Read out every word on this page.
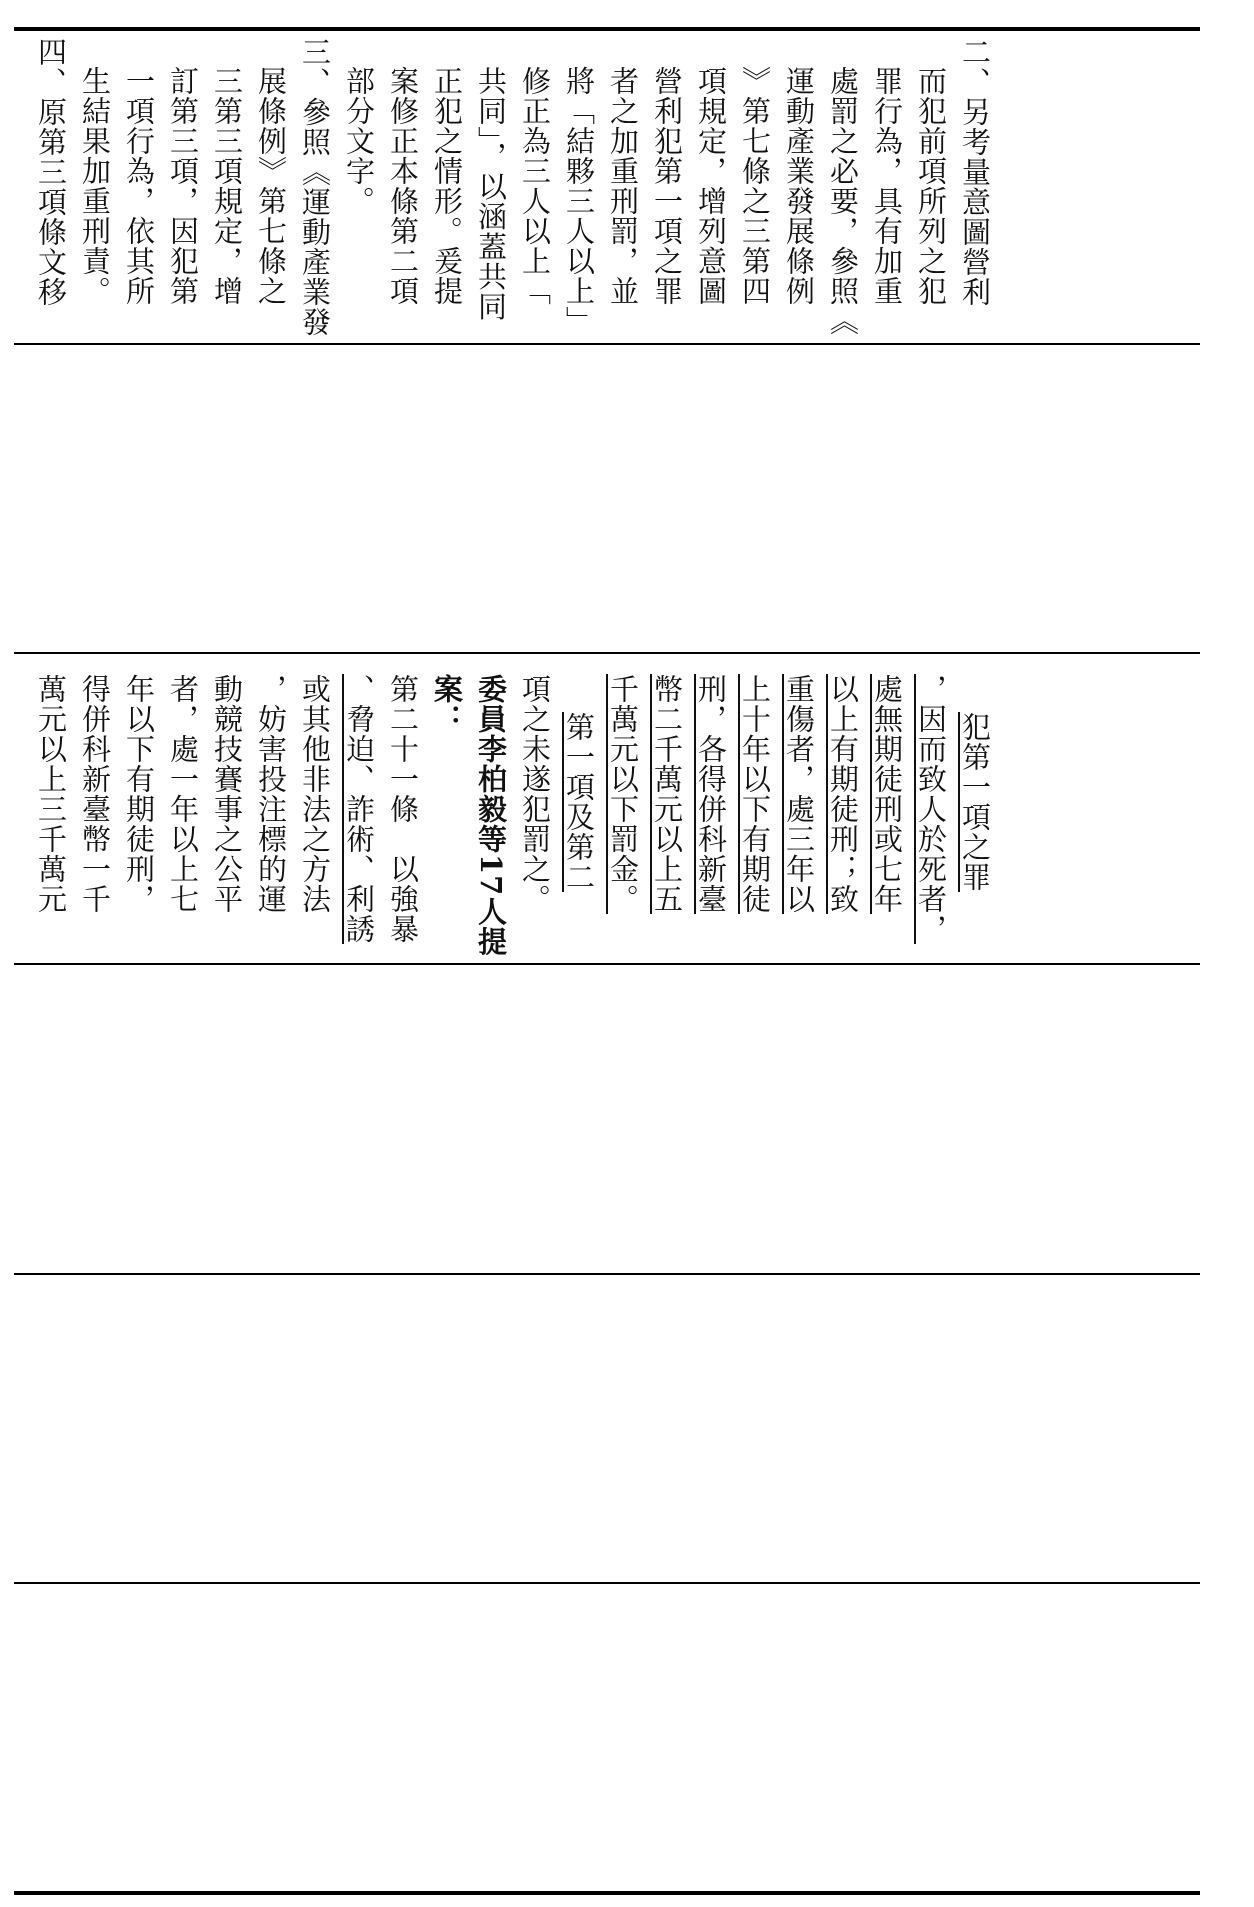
四、原第三項條文移 生結果加重刑責。 一項行為，依其所 訂第三項，因犯第 三第三項規定，增 展條例》第七條之 三、參照《運動產業發 部分文字。 案修正本條第二項 正犯之情形。爰提 共同」，以涵蓋共同 修正為三人以上「 將「結夥三人以上」 者之加重刑罰，並 營利犯第一項之罪 項規定，增列意圖 》第七條之三第四 運動產業發展條例 處罰之必要，參照《 罪行為，具有加重 而犯前項所列之犯 二、另考量意圖營利
萬元以上三千萬元 得併科新臺幣一千 年以下有期徒刑， 者，處一年以上七 動競技賽事之公平 ，妨害投注標的運 或其他非法之方法 、脅迫、詐術、利誘 第二十一條　以強暴 案： 委員李柏毅等17人提 項之未遂犯罰之。 第一項及第二 千萬元以下罰金。 幣二千萬元以上五 刑，各得併科新臺 上十年以下有期徒 重傷者，處三年以 以上有期徒刑；致 處無期徒刑或七年 ，因而致人於死者， 犯第一項之罪
